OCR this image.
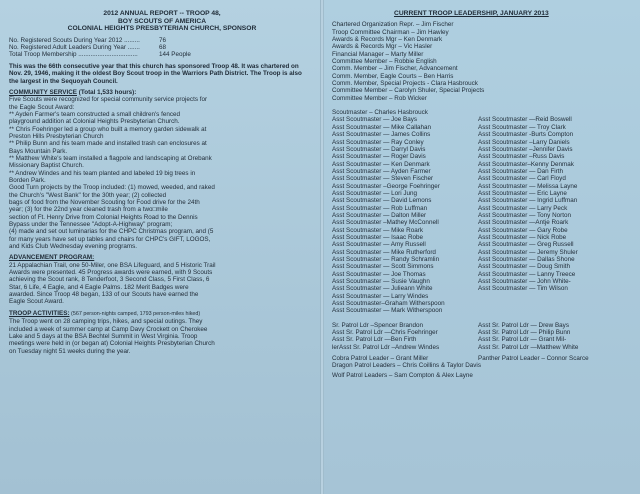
2012 ANNUAL REPORT -- TROOP 48,
BOY SCOUTS OF AMERICA
COLONIAL HEIGHTS PRESBYTERIAN CHURCH, SPONSOR
No. Registered Scouts During Year 2012 .........	76
No. Registered Adult Leaders During Year .......	68
Total Troop Membership ..................................	144 People
This was the 66th consecutive year that this church has sponsored Troop 48. It was chartered on Nov. 29, 1946, making it the oldest Boy Scout troop in the Warriors Path District. The Troop is also the largest in the Sequoyah Council.
COMMUNITY SERVICE (Total 1,533 hours):
Five Scouts were recognized for special community service projects for
the Eagle Scout Award:
** Ayden Farmer's team constructed a small children's fenced
playground addition at Colonial Heights Presbyterian Church.
** Chris Foehringer led a group who built a memory garden sidewalk at
Preston Hills Presbyterian Church
** Philip Bunn and his team made and installed trash can enclosures at
Bays Mountain Park.
** Matthew White's team installed a flagpole and landscaping at Orebank
Missionary Baptist Church.
** Andrew Windes and his team planted and labeled 19 big trees in
Borden Park.
Good Turn projects by the Troop included: (1) mowed, weeded, and raked
the Church's "West Bank" for the 30th year; (2) collected
bags of food from the November Scouting for Food drive for the 24th
year; (3) for the 22nd year cleaned trash from a two□mile
section of Ft. Henry Drive from Colonial Heights Road to the Dennis
Bypass under the Tennessee "Adopt-A-Highway" program;
(4) made and set out luminarias for the CHPC Christmas program, and (5
for many years have set up tables and chairs for CHPC's GIFT, LOGOS,
and Kids Club Wednesday evening programs.
ADVANCEMENT PROGRAM:
21 Appalachian Trail, one 50-Miler, one BSA Lifeguard, and 5 Historic Trail
Awards were presented. 45 Progress awards were earned, with 9 Scouts
achieving the Scout rank, 8 Tenderfoot, 3 Second Class, 5 First Class, 6
Star, 6 Life, 4 Eagle, and 4 Eagle Palms. 182 Merit Badges were
awarded. Since Troop 48 began, 133 of our Scouts have earned the
Eagle Scout Award.
TROOP ACTIVITIES: (567 person-nights camped, 1793 person-miles hiked)
The Troop went on 28 camping trips, hikes, and special outings. They
included a week of summer camp at Camp Davy Crockett on Cherokee
Lake and 5 days at the BSA Bechtel Summit in West Virginia. Troop
meetings were held in (or began at) Colonial Heights Presbyterian Church
on Tuesday night 51 weeks during the year.
CURRENT TROOP LEADERSHIP, JANUARY 2013
Chartered Organization Repr. – Jim Fischer
Troop Committee Chairman – Jim Hawley
Awards & Records Mgr – Ken Denmark
Awards & Records Mgr – Vic Hasler
Financial Manager – Marty Miller
Committee Member – Robbie English
Comm. Member – Jim Fischer, Advancement
Comm. Member, Eagle Courts – Ben Harris
Comm. Member, Special Projects - Clara Hasbrouck
Committee Member – Carolyn Shuler, Special Projects
Committee Member – Rob Wicker
Scoutmaster – Charles Hasbrouck
Asst Scoutmaster — Joe Bays
Asst Scoutmaster — Mike Callahan
Asst Scoutmaster — James Collins
Asst Scoutmaster — Ray Conley
Asst Scoutmaster — Darryl Davis
Asst Scoutmaster — Roger Davis
Asst Scoutmaster — Ken Denmark
Asst Scoutmaster — Ayden Farmer
Asst Scoutmaster — Steven Fischer
Asst Scoutmaster –George Foehringer
Asst Scoutmaster — Lori Jung
Asst Scoutmaster — David Lemons
Asst Scoutmaster — Rob Luffman
Asst Scoutmaster — Dalton Miller
Asst Scoutmaster –Mathey McConnell
Asst Scoutmaster — Mike Roark
Asst Scoutmaster — Isaac Robe
Asst Scoutmaster — Amy Russell
Asst Scoutmaster — Mike Rutherford
Asst Scoutmaster — Randy Schramlin
Asst Scoutmaster — Scott Simmons
Asst Scoutmaster — Joe Thomas
Asst Scoutmaster — Susie Vaughn
Asst Scoutmaster — Julieann White
Asst Scoutmaster — Larry Windes
Asst Scoutmaster–Graham Witherspoon
Asst Scoutmaster — Mark Witherspoon
Asst Scoutmaster —Reid Boswell
Asst Scoutmaster — Troy Clark
Asst Scoutmaster -Burts Compton
Asst Scoutmaster –Larry Daniels
Asst Scoutmaster –Jennifer Davis
Asst Scoutmaster –Russ Davis
Asst Scoutmaster–Kenny Denmak
Asst Scoutmaster — Dan Firth
Asst Scoutmaster — Carl Floyd
Asst Scoutmaster — Melissa Layne
Asst Scoutmaster — Eric Layne
Asst Scoutmaster — Ingrid Luffman
Asst Scoutmaster — Larry Peck
Asst Scoutmaster — Tony Norton
Asst Scoutmaster —Antje Roark
Asst Scoutmaster — Gary Robe
Asst Scoutmaster — Nick Robe
Asst Scoutmaster — Greg Russell
Asst Scoutmaster — Jeremy Shuler
Asst Scoutmaster — Dallas Shone
Asst Scoutmaster — Doug Smith
Asst Scoutmaster — Lanny Treece
Asst Scoutmaster — John White-
Asst Scoutmaster — Tim Wilson
Sr. Patrol Ldr –Spencer Brandon
Asst Sr. Patrol Ldr —Chris Foehringer
Asst Sr. Patrol Ldr —Ben Firth
lerAsst Sr. Patrol Ldr –Andrew Windes
Asst Sr. Patrol Ldr — Drew Bays
Asst Sr. Patrol Ldr — Philip Bunn
Asst Sr. Patrol Ldr — Grant Mil-
Asst Sr. Patrol Ldr —Matthew White
Cobra Patrol Leader – Grant Miller	Panther Patrol Leader – Connor Scarce
Dragon Patrol Leaders – Chris Coillins & Taylor Davis
Wolf Patrol Leaders – Sam Compton & Alex Layne
